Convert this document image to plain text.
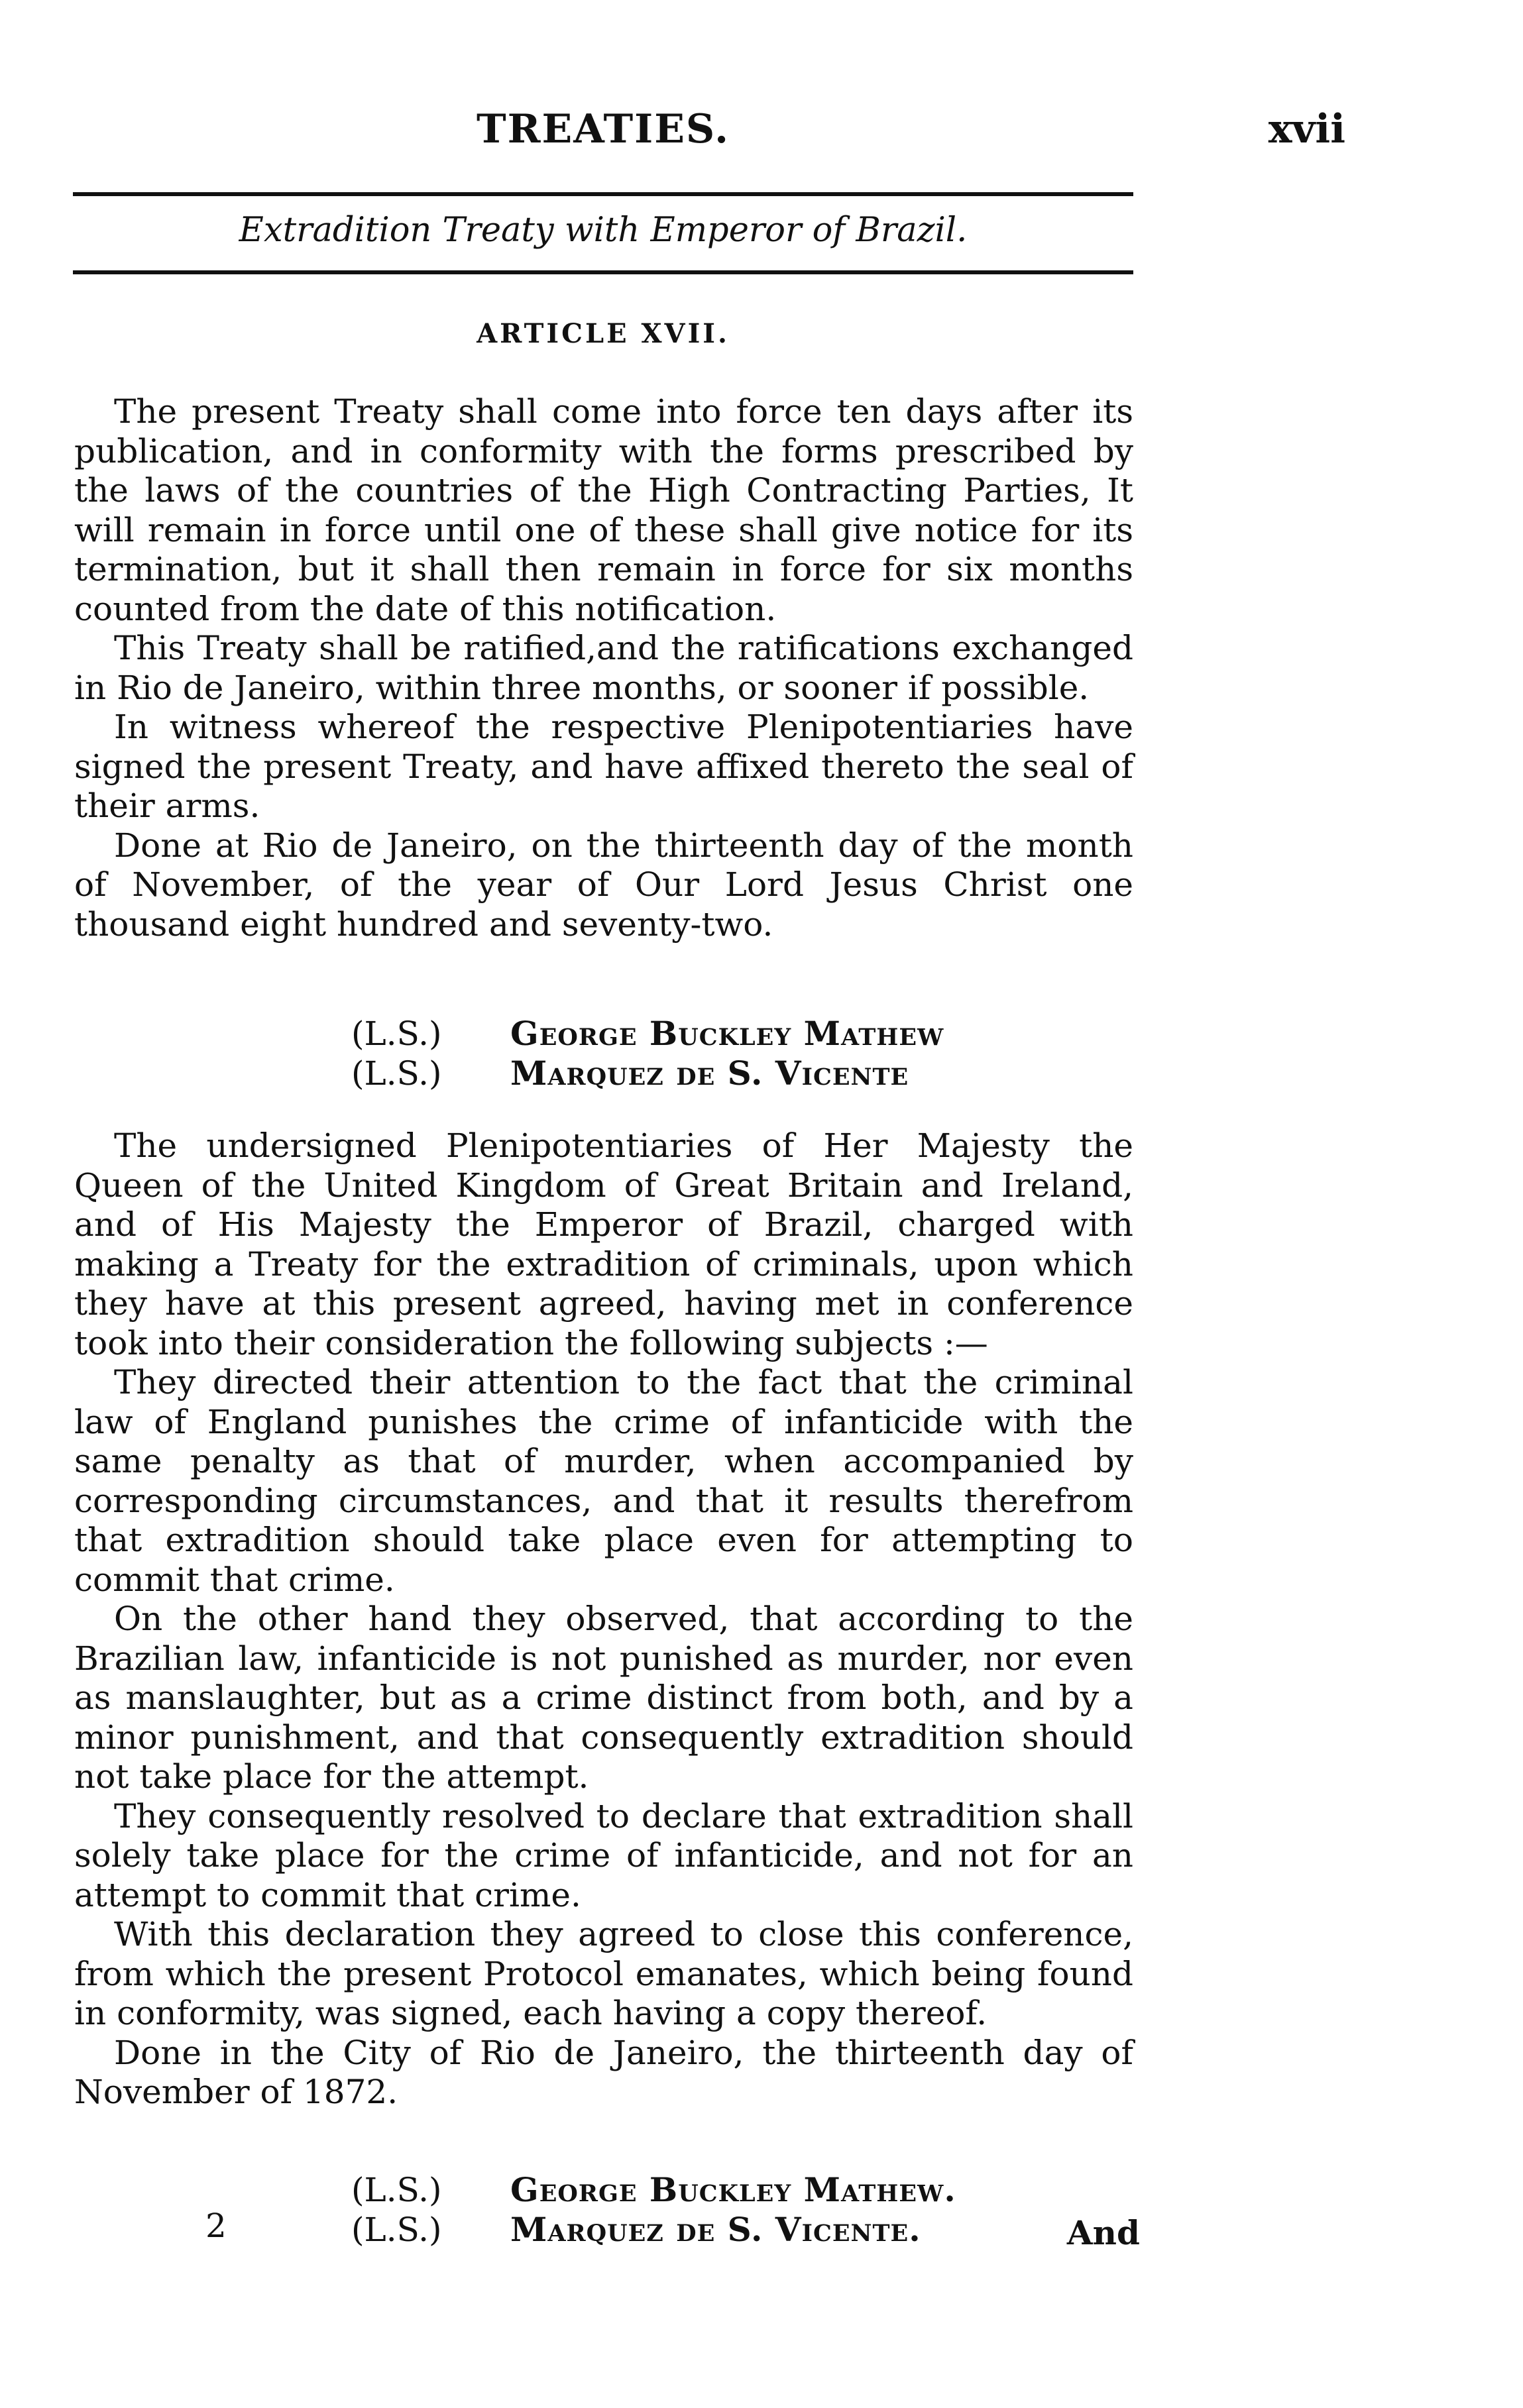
TREATIES.	xvii
Extradition Treaty with Emperor of Brazil.
ARTICLE XVII.

The present Treaty shall come into force ten days after its publication, and in conformity with the forms prescribed by the laws of the countries of the High Contracting Parties, It will remain in force until one of these shall give notice for its termination, but it shall then remain in force for six months counted from the date of this notification.

This Treaty shall be ratified,and the ratifications exchanged in Rio de Janeiro, within three months, or sooner if possible.

In witness whereof the respective Plenipotentiaries have signed the present Treaty, and have affixed thereto the seal of their arms.

Done at Rio de Janeiro, on the thirteenth day of the month of November, of the year of Our Lord Jesus Christ one thousand eight hundred and seventy-two.

(L.S.)	George Buckley Mathew
(L.S.)	Marquez de S. Vicente

The undersigned Plenipotentiaries of Her Majesty the Queen of the United Kingdom of Great Britain and Ireland, and of His Majesty the Emperor of Brazil, charged with making a Treaty for the extradition of criminals, upon which they have at this present agreed, having met in conference took into their consideration the following subjects :—

They directed their attention to the fact that the criminal law of England punishes the crime of infanticide with the same penalty as that of murder, when accompanied by corresponding circumstances, and that it results therefrom that extradition should take place even for attempting to commit that crime.

On the other hand they observed, that according to the Brazilian law, infanticide is not punished as murder, nor even as manslaughter, but as a crime distinct from both, and by a minor punishment, and that consequently extradition should not take place for the attempt.

They consequently resolved to declare that extradition shall solely take place for the crime of infanticide, and not for an attempt to commit that crime.

With this declaration they agreed to close this conference, from which the present Protocol emanates, which being found in conformity, was signed, each having a copy thereof.

Done in the City of Rio de Janeiro, the thirteenth day of November of 1872.

(L.S.)	George Buckley Mathew.
(L.S.)	Marquez de S. Vicente.
2	And
